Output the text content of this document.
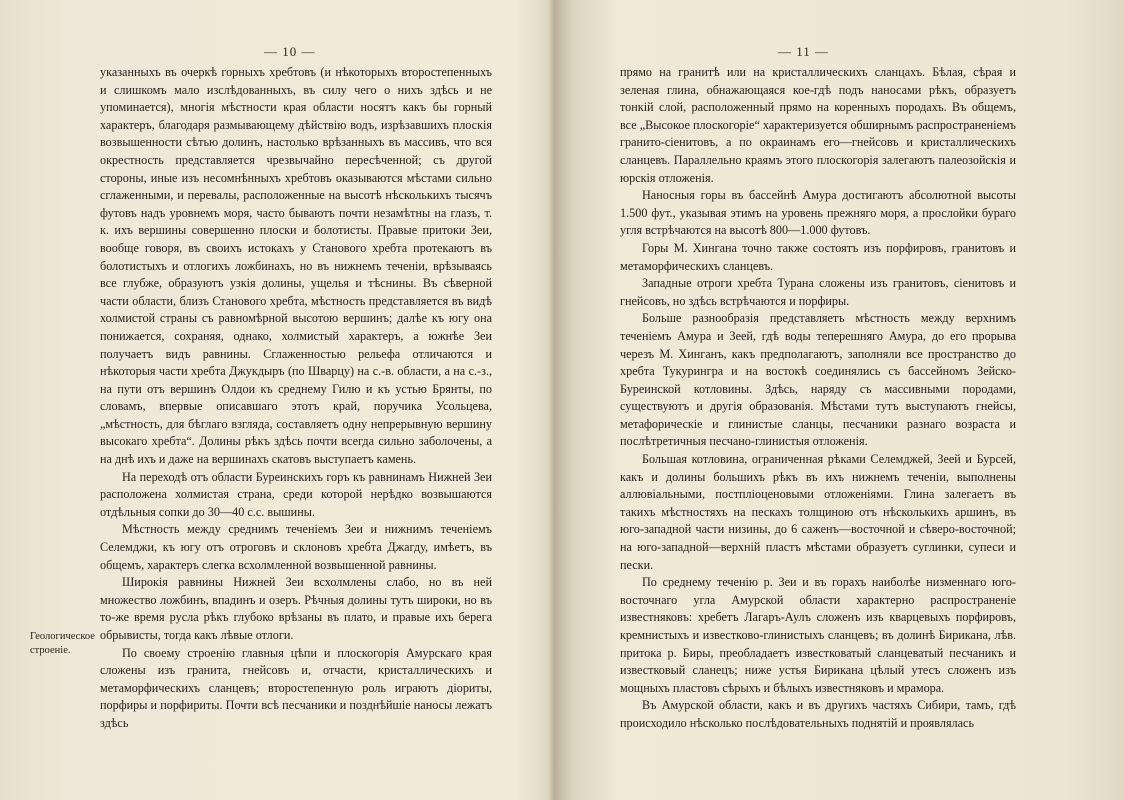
— 10 —

указанныхъ въ очеркѣ горныхъ хребтовъ (и нѣкоторыхъ второстепенныхъ и слишкомъ мало изслѣдованныхъ, въ силу чего о нихъ здѣсь и не упоминается), многія мѣстности края области носятъ какъ бы горный характеръ, благодаря размывающему дѣйствію водъ, изрѣзавшихъ плоскія возвышенности сѣтью долинъ, настолько врѣзанныхъ въ массивъ, что вся окрестность представляется чрезвычайно пересѣченной; съ другой стороны, иные изъ несомнѣнныхъ хребтовъ оказываются мѣстами сильно сглаженными, и перевалы, расположенные на высотѣ нѣсколькихъ тысячъ футовъ надъ уровнемъ моря, часто бываютъ почти незамѣтны на глазъ, т. к. ихъ вершины совершенно плоски и болотисты. Правые притоки Зеи, вообще говоря, въ своихъ истокахъ у Станового хребта протекаютъ въ болотистыхъ и отлогихъ ложбинахъ, но въ нижнемъ теченіи, врѣзываясь все глубже, образуютъ узкія долины, ущелья и тѣснины. Въ сѣверной части области, близъ Станового хребта, мѣстность представляется въ видѣ холмистой страны съ равномѣрной высотою вершинъ; далѣе къ югу она понижается, сохраняя, однако, холмистый характеръ, а южнѣе Зеи получаетъ видъ равнины. Сглаженностью рельефа отличаются и нѣкоторыя части хребта Джукдыръ (по Шварцу) на с.-в. области, а на с.-з., на пути отъ вершинъ Олдои къ среднему Гилю и къ устью Брянты, по словамъ, впервые описавшаго этотъ край, поручика Усольцева, „мѣстность, для бѣглаго взгляда, составляетъ одну непрерывную вершину высокаго хребта“. Долины рѣкъ здѣсь почти всегда сильно заболочены, а на днѣ ихъ и даже на вершинахъ скатовъ выступаетъ камень.

На переходѣ отъ области Буреинскихъ горъ къ равнинамъ Нижней Зеи расположена холмистая страна, среди которой нерѣдко возвышаются отдѣльныя сопки до 30—40 с.с. вышины.

Мѣстность между среднимъ теченіемъ Зеи и нижнимъ теченіемъ Селемджи, къ югу отъ отроговъ и склоновъ хребта Джагду, имѣетъ, въ общемъ, характеръ слегка всхолмленной возвышенной равнины.

Широкія равнины Нижней Зеи всхолмлены слабо, но въ ней множество ложбинъ, впадинъ и озеръ. Рѣчныя долины тутъ широки, но въ то-же время русла рѣкъ глубоко врѣзаны въ плато, и правые ихъ берега обрывисты, тогда какъ лѣвые отлоги.

По своему строенію главныя цѣпи и плоскогорія Амурскаго края сложены изъ гранита, гнейсовъ и, отчасти, кристаллическихъ и метаморфическихъ сланцевъ; второстепенную роль играютъ діориты, порфиры и порфириты. Почти всѣ песчаники и позднѣйшіе наносы лежатъ здѣсь

Геологическое строеніе.
— 11 —

прямо на гранитѣ или на кристаллическихъ сланцахъ. Бѣлая, сѣрая и зеленая глина, обнажающаяся кое-гдѣ подъ наносами рѣкъ, образуетъ тонкій слой, расположенный прямо на коренныхъ породахъ. Въ общемъ, все „Высокое плоскогоріе“ характеризуется обширнымъ распространеніемъ гранито-сіенитовъ, а по окраинамъ его—гнейсовъ и кристаллическихъ сланцевъ. Параллельно краямъ этого плоскогорія залегаютъ палеозойскія и юрскія отложенія.

Наносныя горы въ бассейнѣ Амура достигаютъ абсолютной высоты 1.500 фут., указывая этимъ на уровень прежняго моря, а прослойки бураго угля встрѣчаются на высотѣ 800—1.000 футовъ.

Горы М. Хингана точно также состоятъ изъ порфировъ, гранитовъ и метаморфическихъ сланцевъ.

Западные отроги хребта Турана сложены изъ гранитовъ, сіенитовъ и гнейсовъ, но здѣсь встрѣчаются и порфиры.

Больше разнообразія представляетъ мѣстность между верхнимъ теченіемъ Амура и Зеей, гдѣ воды теперешняго Амура, до его прорыва черезъ М. Хинганъ, какъ предполагаютъ, заполняли все пространство до хребта Тукурингра и на востокѣ соединялись съ бассейномъ Зейско-Буреинской котловины. Здѣсь, наряду съ массивными породами, существуютъ и другія образованія. Мѣстами тутъ выступаютъ гнейсы, метафорическіе и глинистые сланцы, песчаники разнаго возраста и послѣтретичныя песчано-глинистыя отложенія.

Большая котловина, ограниченная рѣками Селемджей, Зеей и Бурсей, какъ и долины большихъ рѣкъ въ ихъ нижнемъ теченіи, выполнены аллювіальными, постпліоценовыми отложеніями. Глина залегаетъ въ такихъ мѣстностяхъ на пескахъ толщиною отъ нѣсколькихъ аршинъ, въ юго-западной части низины, до 6 саженъ—восточной и сѣверо-восточной; на юго-западной—верхній пластъ мѣстами образуетъ суглинки, супеси и пески.

По среднему теченію р. Зеи и въ горахъ наиболѣе низменнаго юго-восточнаго угла Амурской области характерно распространеніе известняковъ: хребетъ Лагаръ-Аулъ сложенъ изъ кварцевыхъ порфировъ, кремнистыхъ и известково-глинистыхъ сланцевъ; въ долинѣ Бирикана, лѣв. притока р. Биры, преобладаетъ известковатый сланцеватый песчаникъ и известковый сланецъ; ниже устья Бирикана цѣлый утесъ сложенъ изъ мощныхъ пластовъ сѣрыхъ и бѣлыхъ известняковъ и мрамора.

Въ Амурской области, какъ и въ другихъ частяхъ Сибири, тамъ, гдѣ происходило нѣсколько послѣдовательныхъ поднятій и проявлялась
